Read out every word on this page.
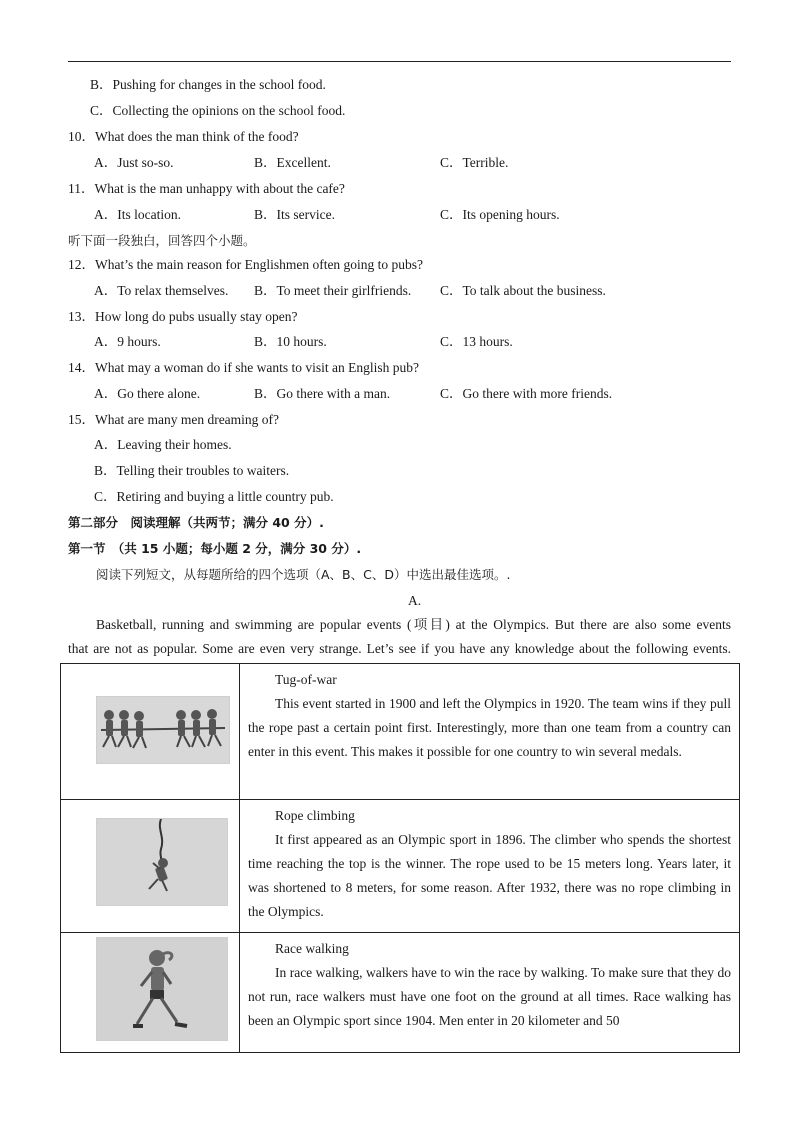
B．Pushing for changes in the school food.
C．Collecting the opinions on the school food.
10．What does the man think of the food?
A．Just so-so.	B．Excellent.	C．Terrible.
11．What is the man unhappy with about the cafe?
A．Its location.	B．Its service.	C．Its opening hours.
听下面一段独白，回答四个小题。
12．What’s the main reason for Englishmen often going to pubs?
A．To relax themselves. B．To meet their girlfriends. C．To talk about the business.
13．How long do pubs usually stay open?
A．9 hours.	B．10 hours.	C．13 hours.
14．What may a woman do if she wants to visit an English pub?
A．Go there alone.	B．Go there with a man.	C．Go there with more friends.
15．What are many men dreaming of?
A．Leaving their homes.
B．Telling their troubles to waiters.
C．Retiring and buying a little country pub.
第二部分　阅读理解（共两节；满分 40 分）.
第一节　（共 15 小题；每小题 2 分，满分 30 分）.
阅读下列短文，从每题所给的四个选项（A、B、C、D）中选出最佳选项。.
A.
Basketball, running and swimming are popular events (项目) at the Olympics. But there are also some events
that are not as popular. Some are even very strange. Let’s see if you have any knowledge about the following events.

Tug-of-war
This event started in 1900 and left the Olympics in 1920. The team wins if they pull the rope past a certain point first. Interestingly, more than one team from a country can enter in this event. This makes it possible for one country to win several medals.

Rope climbing
It first appeared as an Olympic sport in 1896. The climber who spends the shortest time reaching the top is the winner. The rope used to be 15 meters long. Years later, it was shortened to 8 meters, for some reason. After 1932, there was no rope climbing in the Olympics.

Race walking
In race walking, walkers have to win the race by walking. To make sure that they do not run, race walkers must have one foot on the ground at all times. Race walking has been an Olympic sport since 1904. Men enter in 20 kilometer and 50
